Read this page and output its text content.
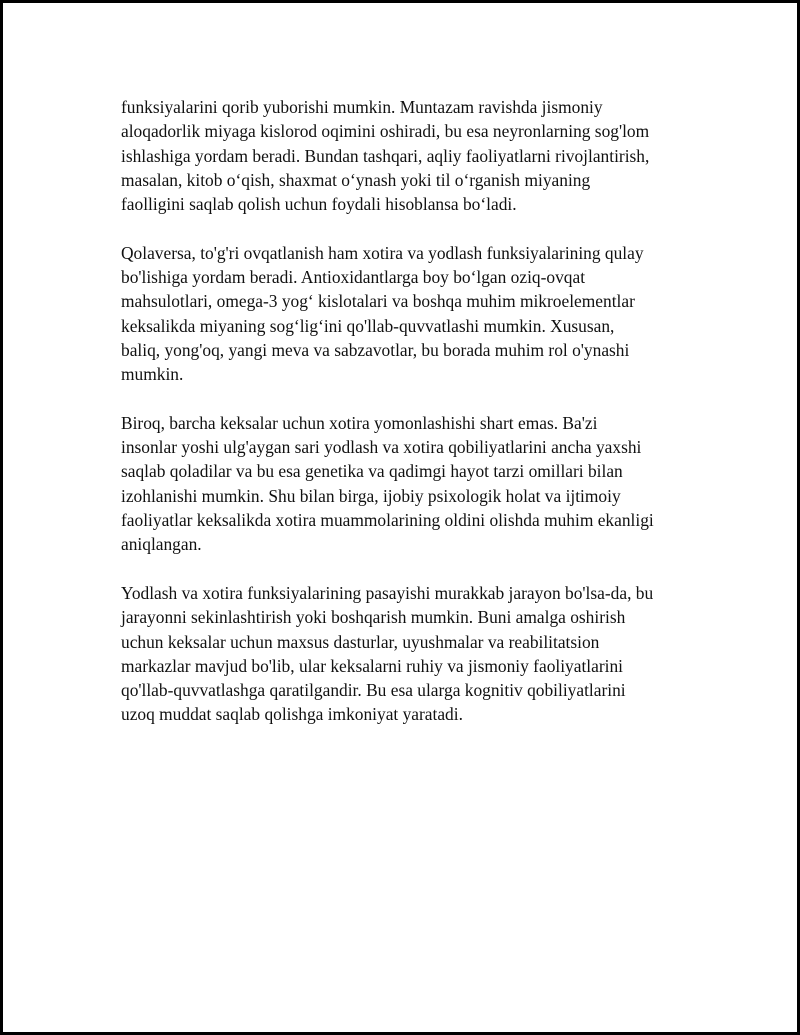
funksiyalarini qorib yuborishi mumkin. Muntazam ravishda jismoniy
aloqadorlik miyaga kislorod oqimini oshiradi, bu esa neyronlarning sog'lom
ishlashiga yordam beradi. Bundan tashqari, aqliy faoliyatlarni rivojlantirish,
masalan, kitob o‘qish, shaxmat o‘ynash yoki til o‘rganish miyaning
faolligini saqlab qolish uchun foydali hisoblansa bo‘ladi.

Qolaversa, to'g'ri ovqatlanish ham xotira va yodlash funksiyalarining qulay
bo'lishiga yordam beradi. Antioxidantlarga boy bo‘lgan oziq-ovqat
mahsulotlari, omega-3 yog‘ kislotalari va boshqa muhim mikroelementlar
keksalikda miyaning sog‘lig‘ini qo'llab-quvvatlashi mumkin. Xususan,
baliq, yong'oq, yangi meva va sabzavotlar, bu borada muhim rol o'ynashi
mumkin.

Biroq, barcha keksalar uchun xotira yomonlashishi shart emas. Ba'zi
insonlar yoshi ulg'aygan sari yodlash va xotira qobiliyatlarini ancha yaxshi
saqlab qoladilar va bu esa genetika va qadimgi hayot tarzi omillari bilan
izohlanishi mumkin. Shu bilan birga, ijobiy psixologik holat va ijtimoiy
faoliyatlar keksalikda xotira muammolarining oldini olishda muhim ekanligi
aniqlangan.

Yodlash va xotira funksiyalarining pasayishi murakkab jarayon bo'lsa-da, bu
jarayonni sekinlashtirish yoki boshqarish mumkin. Buni amalga oshirish
uchun keksalar uchun maxsus dasturlar, uyushmalar va reabilitatsion
markazlar mavjud bo'lib, ular keksalarni ruhiy va jismoniy faoliyatlarini
qo'llab-quvvatlashga qaratilgandir. Bu esa ularga kognitiv qobiliyatlarini
uzoq muddat saqlab qolishga imkoniyat yaratadi.
